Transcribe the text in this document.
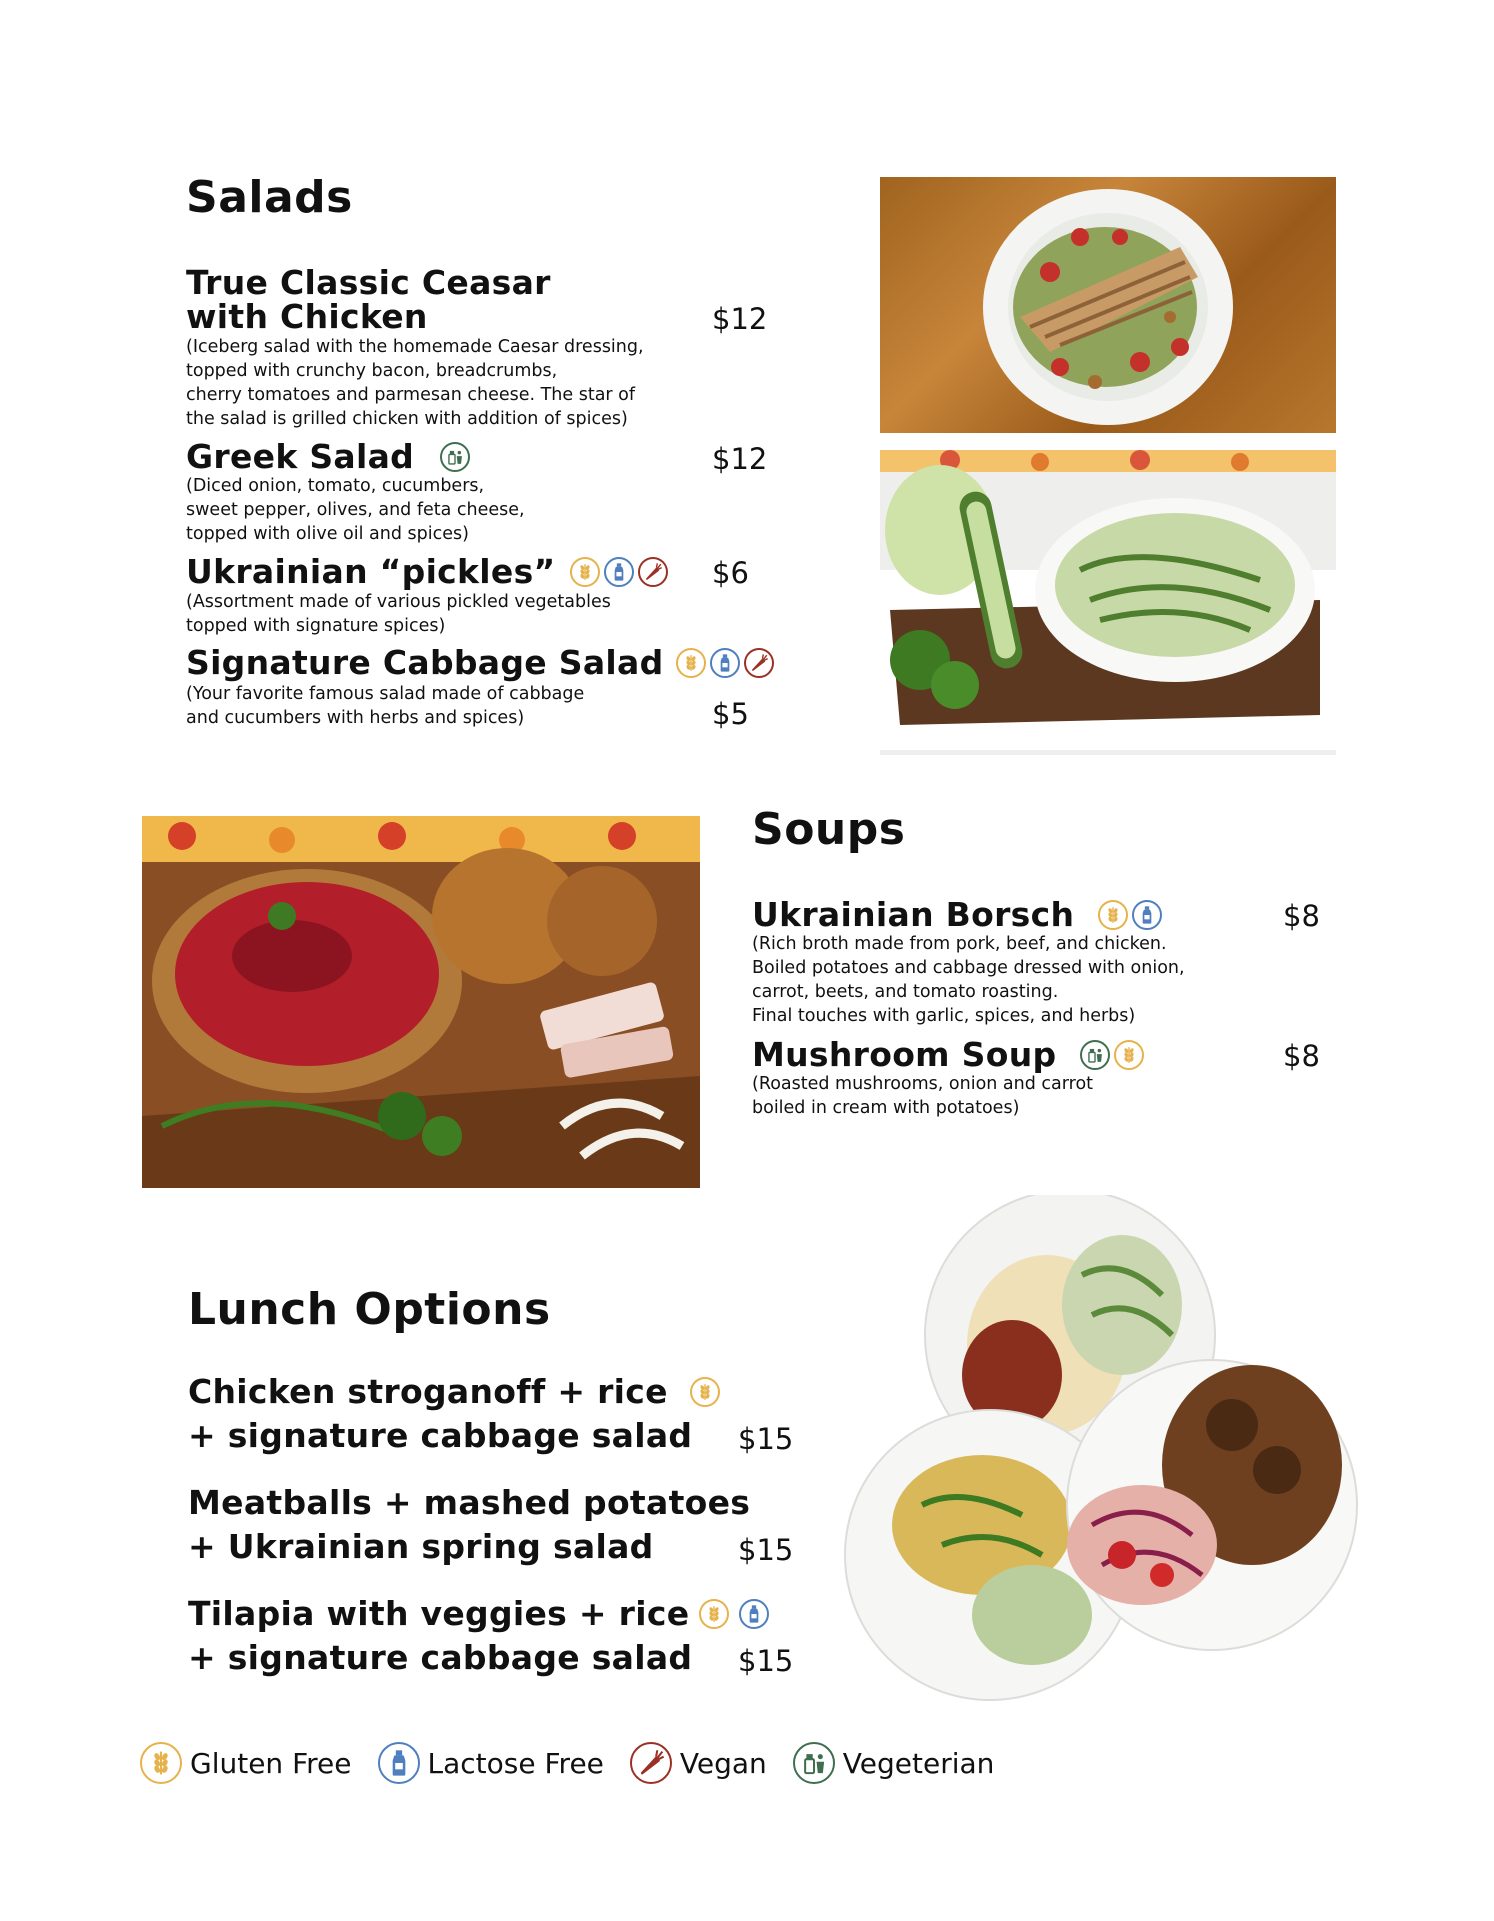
Salads
True Classic Ceasar
with Chicken	$12
(Iceberg salad with the homemade Caesar dressing,
topped with crunchy bacon, breadcrumbs,
cherry tomatoes and parmesan cheese. The star of
the salad is grilled chicken with addition of spices)
Greek Salad	$12
(Diced onion, tomato, cucumbers,
sweet pepper, olives, and feta cheese,
topped with olive oil and spices)
Ukrainian “pickles”	$6
(Assortment made of various pickled vegetables
topped with signature spices)
Signature Cabbage Salad
(Your favorite famous salad made of cabbage
and cucumbers with herbs and spices)	$5
Soups
Ukrainian Borsch	$8
(Rich broth made from pork, beef, and chicken.
Boiled potatoes and cabbage dressed with onion,
carrot, beets, and tomato roasting.
Final touches with garlic, spices, and herbs)
Mushroom Soup	$8
(Roasted mushrooms, onion and carrot
boiled in cream with potatoes)
Lunch Options
Chicken stroganoff + rice
+ signature cabbage salad $15
Meatballs + mashed potatoes
+ Ukrainian spring salad	$15
Tilapia with veggies + rice
+ signature cabbage salad $15
Gluten Free	Lactose Free	Vegan	Vegeterian
